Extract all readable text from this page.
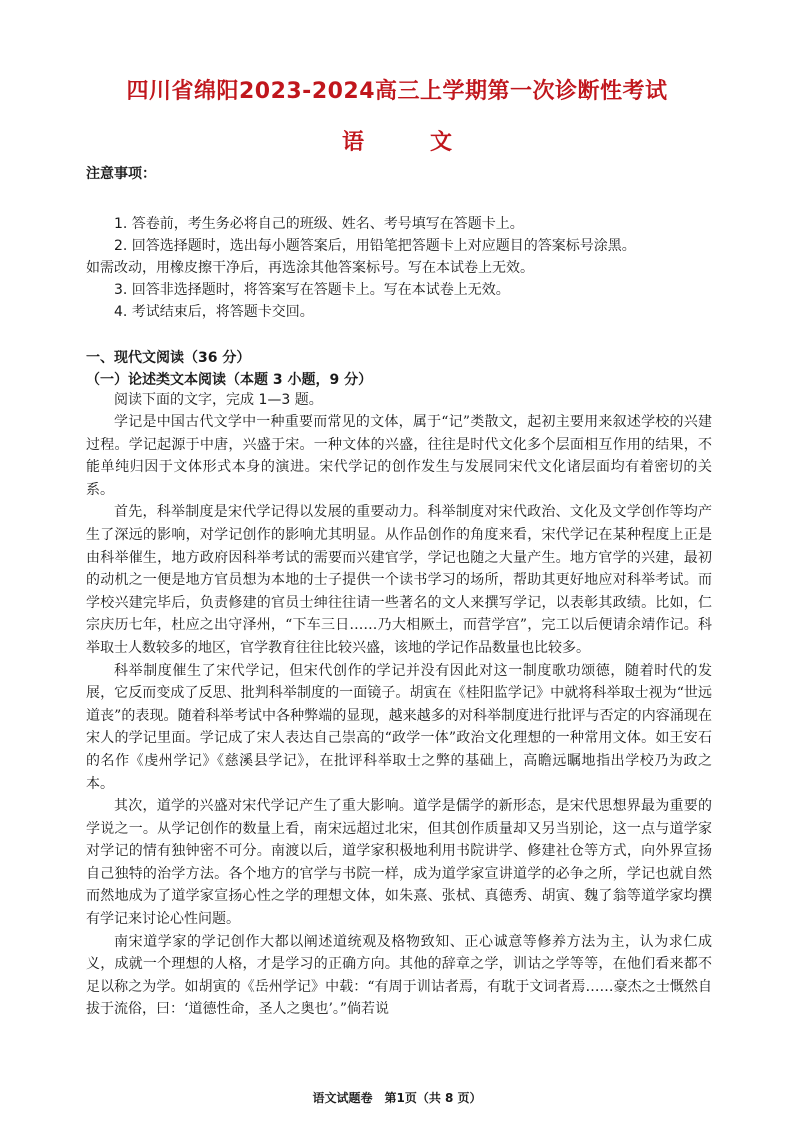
四川省绵阳2023-2024高三上学期第一次诊断性考试
语文
注意事项：

1. 答卷前，考生务必将自己的班级、姓名、考号填写在答题卡上。

2. 回答选择题时，选出每小题答案后，用铅笔把答题卡上对应题目的答案标号涂黑。

如需改动，用橡皮擦干净后，再选涂其他答案标号。写在本试卷上无效。

3. 回答非选择题时，将答案写在答题卡上。写在本试卷上无效。

4. 考试结束后，将答题卡交回。

一、现代文阅读（36 分）
（一）论述类文本阅读（本题 3 小题，9 分）
阅读下面的文字，完成 1—3 题。

学记是中国古代文学中一种重要而常见的文体，属于“记”类散文，起初主要用来叙述学校的兴建过程。学记起源于中唐，兴盛于宋。一种文体的兴盛，往往是时代文化多个层面相互作用的结果，不能单纯归因于文体形式本身的演进。宋代学记的创作发生与发展同宋代文化诸层面均有着密切的关系。

首先，科举制度是宋代学记得以发展的重要动力。科举制度对宋代政治、文化及文学创作等均产生了深远的影响，对学记创作的影响尤其明显。从作品创作的角度来看，宋代学记在某种程度上正是由科举催生，地方政府因科举考试的需要而兴建官学，学记也随之大量产生。地方官学的兴建，最初的动机之一便是地方官员想为本地的士子提供一个读书学习的场所，帮助其更好地应对科举考试。而学校兴建完毕后，负责修建的官员士绅往往请一些著名的文人来撰写学记，以表彰其政绩。比如，仁宗庆历七年，杜应之出守泽州，“下车三日……乃大相厥土，而营学宫”，完工以后便请余靖作记。科举取士人数较多的地区，官学教育往往比较兴盛，该地的学记作品数量也比较多。

科举制度催生了宋代学记，但宋代创作的学记并没有因此对这一制度歌功颂德，随着时代的发展，它反而变成了反思、批判科举制度的一面镜子。胡寅在《桂阳监学记》中就将科举取士视为“世远道丧”的表现。随着科举考试中各种弊端的显现，越来越多的对科举制度进行批评与否定的内容涌现在宋人的学记里面。学记成了宋人表达自己崇高的“政学一体”政治文化理想的一种常用文体。如王安石的名作《虔州学记》《慈溪县学记》，在批评科举取士之弊的基础上，高瞻远瞩地指出学校乃为政之本。

其次，道学的兴盛对宋代学记产生了重大影响。道学是儒学的新形态，是宋代思想界最为重要的学说之一。从学记创作的数量上看，南宋远超过北宋，但其创作质量却又另当别论，这一点与道学家对学记的情有独钟密不可分。南渡以后，道学家积极地利用书院讲学、修建社仓等方式，向外界宣扬自己独特的治学方法。各个地方的官学与书院一样，成为道学家宣讲道学的必争之所，学记也就自然而然地成为了道学家宣扬心性之学的理想文体，如朱熹、张栻、真德秀、胡寅、魏了翁等道学家均撰有学记来讨论心性问题。

南宋道学家的学记创作大都以阐述道统观及格物致知、正心诚意等修养方法为主，认为求仁成义，成就一个理想的人格，才是学习的正确方向。其他的辞章之学，训诂之学等等，在他们看来都不足以称之为学。如胡寅的《岳州学记》中载：“有周于训诂者焉，有耽于文词者焉……豪杰之士慨然自拔于流俗，曰：‘道德性命，圣人之奥也’。”倘若说

语文试题卷　第1页（共 8 页）
